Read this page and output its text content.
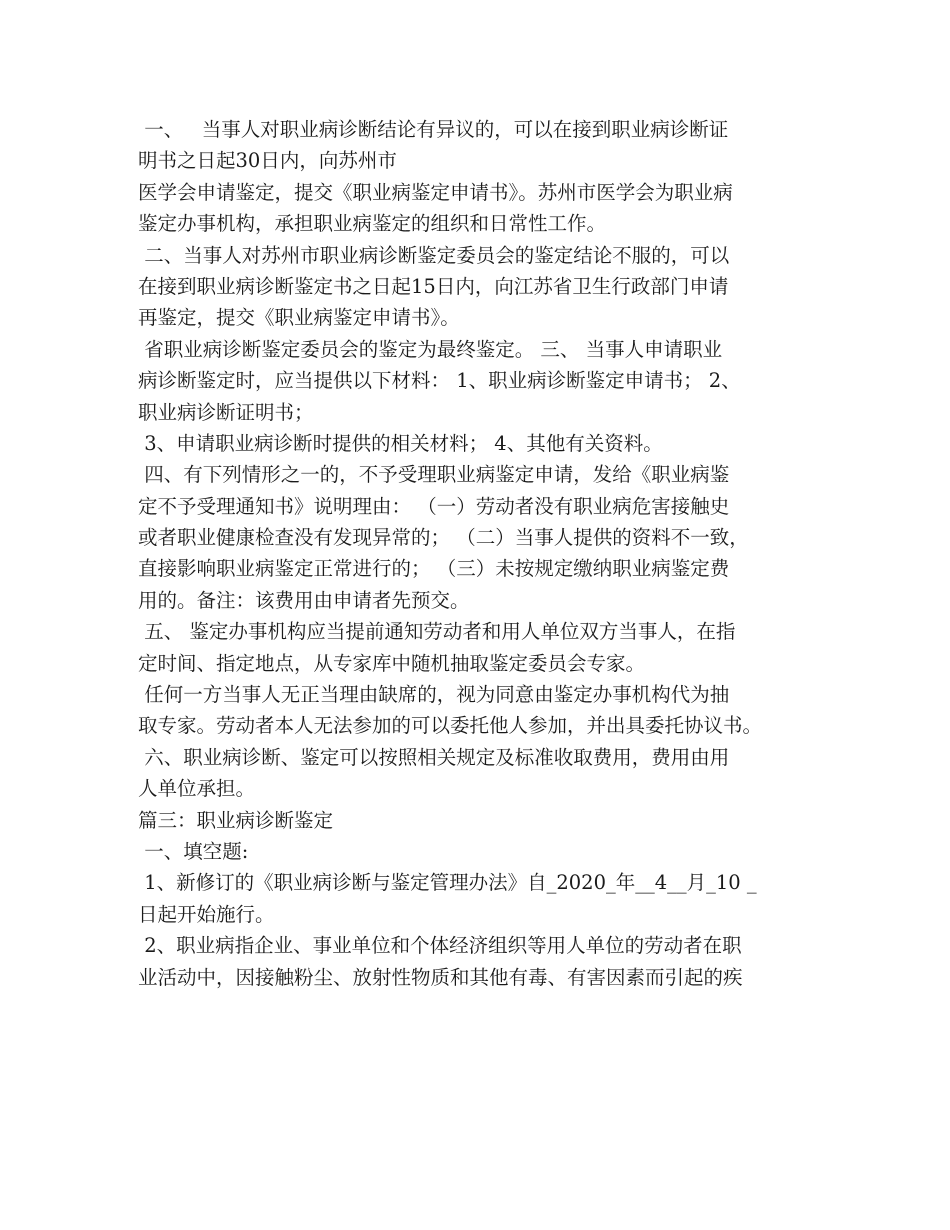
一、   当事人对职业病诊断结论有异议的，可以在接到职业病诊断证
明书之日起30日内，向苏州市
医学会申请鉴定，提交《职业病鉴定申请书》。苏州市医学会为职业病
鉴定办事机构，承担职业病鉴定的组织和日常性工作。
二、当事人对苏州市职业病诊断鉴定委员会的鉴定结论不服的，可以
在接到职业病诊断鉴定书之日起15日内，向江苏省卫生行政部门申请
再鉴定，提交《职业病鉴定申请书》。
省职业病诊断鉴定委员会的鉴定为最终鉴定。 三、 当事人申请职业
病诊断鉴定时，应当提供以下材料： 1、职业病诊断鉴定申请书； 2、
职业病诊断证明书；
3、申请职业病诊断时提供的相关材料； 4、其他有关资料。
四、有下列情形之一的，不予受理职业病鉴定申请，发给《职业病鉴
定不予受理通知书》说明理由： （一）劳动者没有职业病危害接触史
或者职业健康检查没有发现异常的； （二）当事人提供的资料不一致，
直接影响职业病鉴定正常进行的； （三）未按规定缴纳职业病鉴定费
用的。备注：该费用由申请者先预交。
五、 鉴定办事机构应当提前通知劳动者和用人单位双方当事人，在指
定时间、指定地点，从专家库中随机抽取鉴定委员会专家。
任何一方当事人无正当理由缺席的，视为同意由鉴定办事机构代为抽
取专家。劳动者本人无法参加的可以委托他人参加，并出具委托协议书。
六、职业病诊断、鉴定可以按照相关规定及标准收取费用，费用由用
人单位承担。
篇三：职业病诊断鉴定
一、填空题:
1、新修订的《职业病诊断与鉴定管理办法》自_2020_年__4__月_10 _
日起开始施行。
2、职业病指企业、事业单位和个体经济组织等用人单位的劳动者在职
业活动中，因接触粉尘、放射性物质和其他有毒、有害因素而引起的疾
